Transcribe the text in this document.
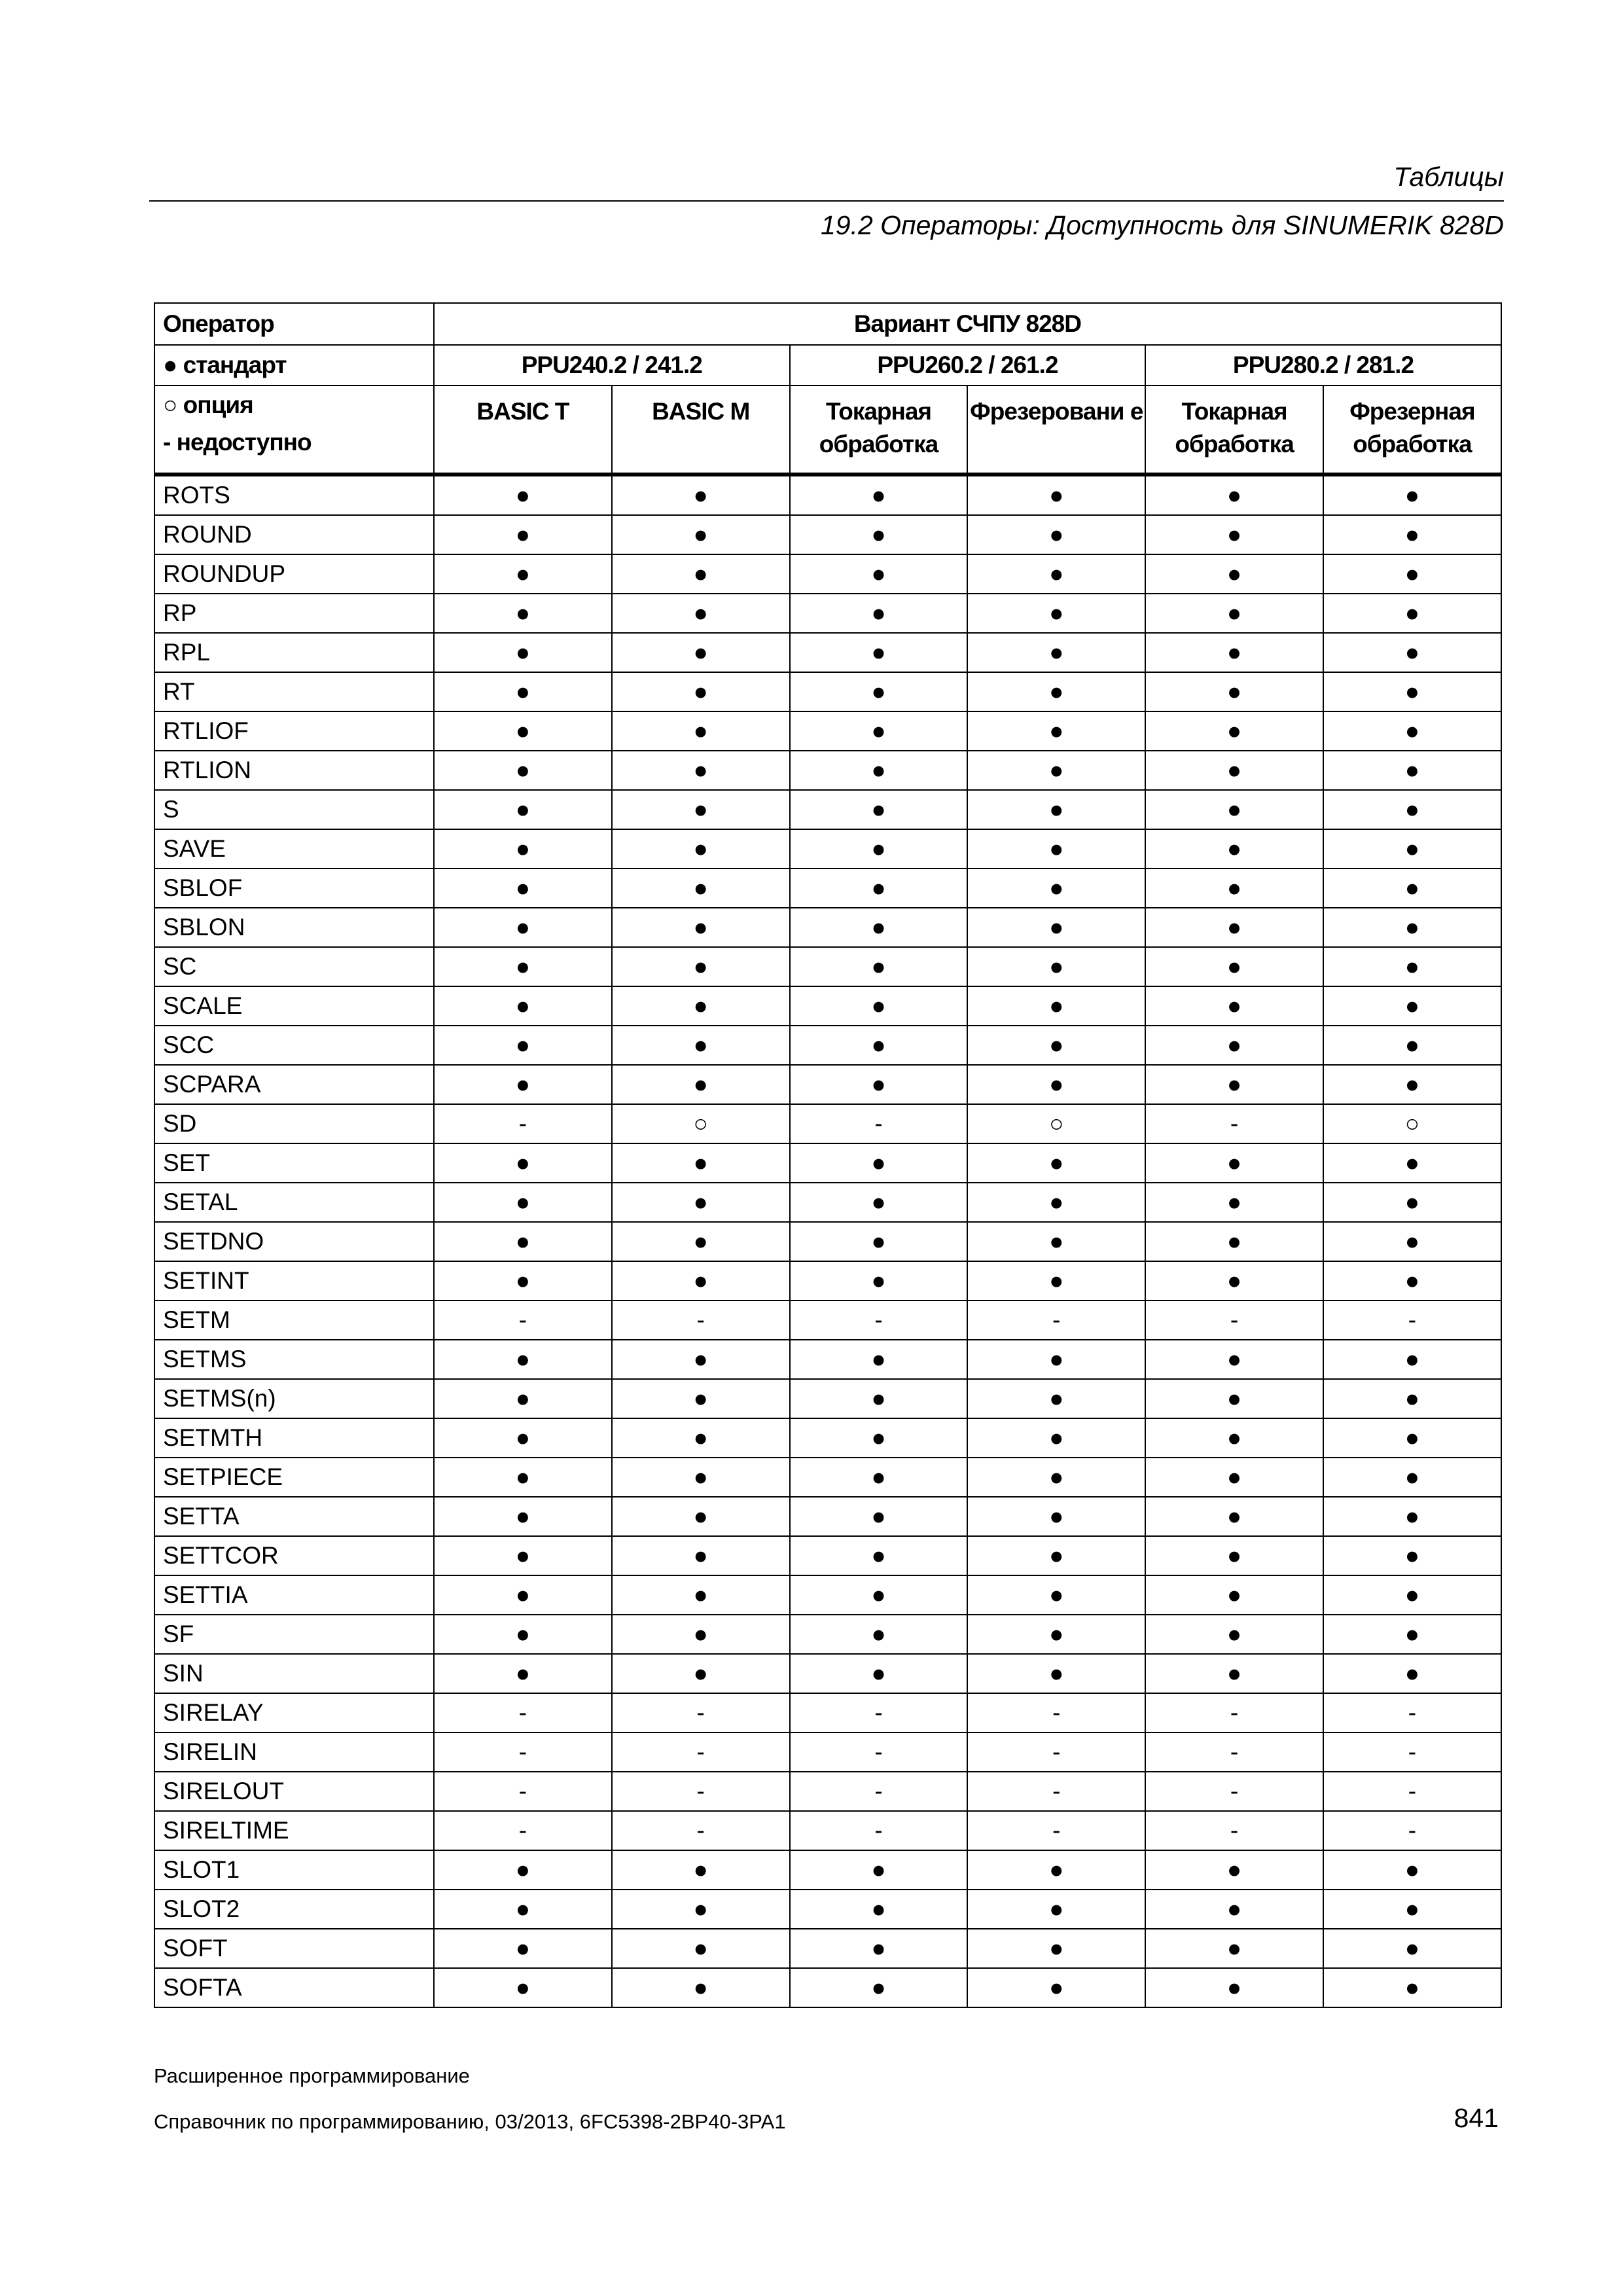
Таблицы
19.2 Операторы: Доступность для SINUMERIK 828D
Оператор	Вариант СЧПУ 828D					
● стандарт	PPU240.2 / 241.2		PPU260.2 / 261.2		PPU280.2 / 281.2	

○ опция
- недоступно	BASIC T	BASIC M	Токарная обработка	Фрезеровани е	Токарная обработка	Фрезерная обработка
ROTS	●	●	●	●	●	●
ROUND	●	●	●	●	●	●
ROUNDUP	●	●	●	●	●	●
RP	●	●	●	●	●	●
RPL	●	●	●	●	●	●
RT	●	●	●	●	●	●
RTLIOF	●	●	●	●	●	●
RTLION	●	●	●	●	●	●
S	●	●	●	●	●	●
SAVE	●	●	●	●	●	●
SBLOF	●	●	●	●	●	●
SBLON	●	●	●	●	●	●
SC	●	●	●	●	●	●
SCALE	●	●	●	●	●	●
SCC	●	●	●	●	●	●
SCPARA	●	●	●	●	●	●
SD	-	○	-	○	-	○
SET	●	●	●	●	●	●
SETAL	●	●	●	●	●	●
SETDNO	●	●	●	●	●	●
SETINT	●	●	●	●	●	●
SETM	-	-	-	-	-	-
SETMS	●	●	●	●	●	●
SETMS(n)	●	●	●	●	●	●
SETMTH	●	●	●	●	●	●
SETPIECE	●	●	●	●	●	●
SETTA	●	●	●	●	●	●
SETTCOR	●	●	●	●	●	●
SETTIA	●	●	●	●	●	●
SF	●	●	●	●	●	●
SIN	●	●	●	●	●	●
SIRELAY	-	-	-	-	-	-
SIRELIN	-	-	-	-	-	-
SIRELOUT	-	-	-	-	-	-
SIRELTIME	-	-	-	-	-	-
SLOT1	●	●	●	●	●	●
SLOT2	●	●	●	●	●	●
SOFT	●	●	●	●	●	●
SOFTA	●	●	●	●	●	●
Расширенное программирование
Справочник по программированию, 03/2013, 6FC5398-2BP40-3PA1	841
